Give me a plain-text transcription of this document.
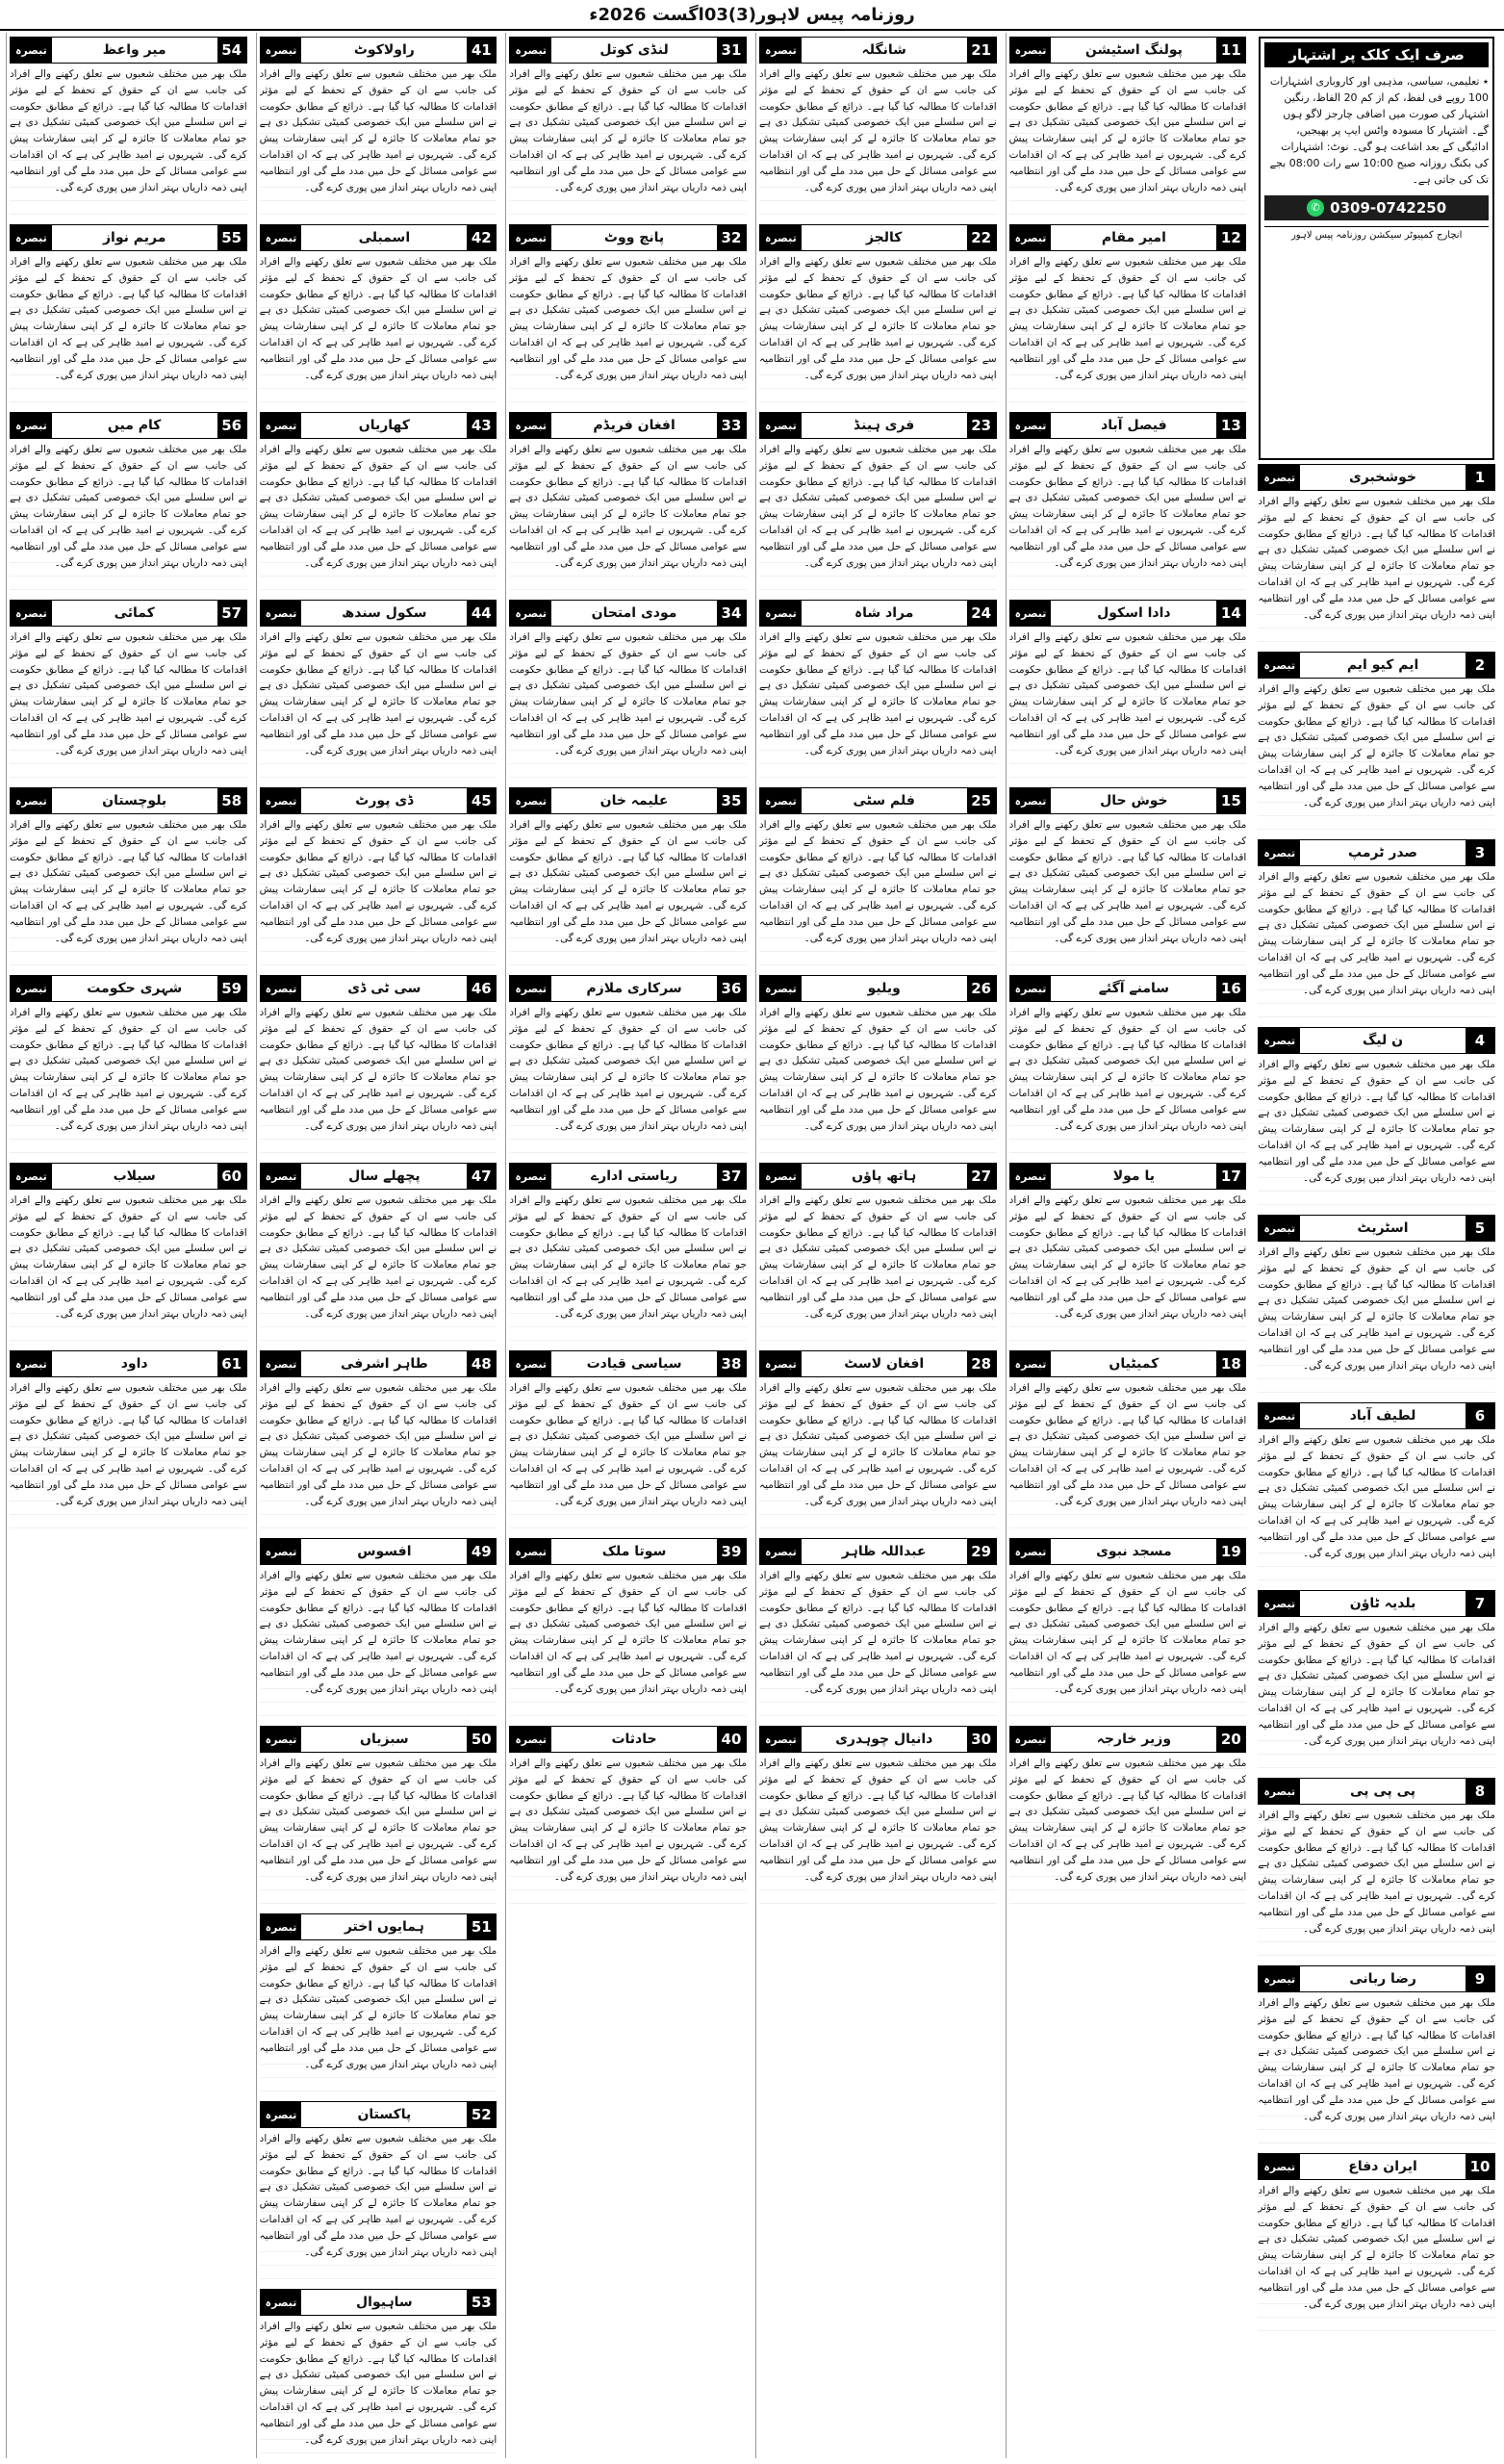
روزنامہ پیس لاہور(3)03اگست 2026ء
صرف ایک کلک پر اشتہار
٭ تعلیمی، سیاسی، مذہبی اور کاروباری اشتہارات 100 روپے فی لفظ، کم از کم 20 الفاظ، رنگین اشتہار کی صورت میں اضافی چارجز لاگو ہوں گے۔ اشتہار کا مسودہ واٹس ایپ پر بھیجیں، ادائیگی کے بعد اشاعت ہو گی۔ نوٹ: اشتہارات کی بکنگ روزانہ صبح 10:00 سے رات 08:00 بجے تک کی جاتی ہے۔
✆ 0309-0742250
انچارج کمپیوٹر سیکشن روزنامہ پیس لاہور
1
خوشخبری
تبصرہ
ملک بھر میں مختلف شعبوں سے تعلق رکھنے والے افراد کی جانب سے ان کے حقوق کے تحفظ کے لیے مؤثر اقدامات کا مطالبہ کیا گیا ہے۔ ذرائع کے مطابق حکومت نے اس سلسلے میں ایک خصوصی کمیٹی تشکیل دی ہے جو تمام معاملات کا جائزہ لے کر اپنی سفارشات پیش کرے گی۔ شہریوں نے امید ظاہر کی ہے کہ ان اقدامات سے عوامی مسائل کے حل میں مدد ملے گی اور انتظامیہ اپنی ذمہ داریاں بہتر انداز میں پوری کرے گی۔
2
ایم کیو ایم
تبصرہ
ملک بھر میں مختلف شعبوں سے تعلق رکھنے والے افراد کی جانب سے ان کے حقوق کے تحفظ کے لیے مؤثر اقدامات کا مطالبہ کیا گیا ہے۔ ذرائع کے مطابق حکومت نے اس سلسلے میں ایک خصوصی کمیٹی تشکیل دی ہے جو تمام معاملات کا جائزہ لے کر اپنی سفارشات پیش کرے گی۔ شہریوں نے امید ظاہر کی ہے کہ ان اقدامات سے عوامی مسائل کے حل میں مدد ملے گی اور انتظامیہ اپنی ذمہ داریاں بہتر انداز میں پوری کرے گی۔
3
صدر ٹرمپ
تبصرہ
ملک بھر میں مختلف شعبوں سے تعلق رکھنے والے افراد کی جانب سے ان کے حقوق کے تحفظ کے لیے مؤثر اقدامات کا مطالبہ کیا گیا ہے۔ ذرائع کے مطابق حکومت نے اس سلسلے میں ایک خصوصی کمیٹی تشکیل دی ہے جو تمام معاملات کا جائزہ لے کر اپنی سفارشات پیش کرے گی۔ شہریوں نے امید ظاہر کی ہے کہ ان اقدامات سے عوامی مسائل کے حل میں مدد ملے گی اور انتظامیہ اپنی ذمہ داریاں بہتر انداز میں پوری کرے گی۔
4
ن لیگ
تبصرہ
ملک بھر میں مختلف شعبوں سے تعلق رکھنے والے افراد کی جانب سے ان کے حقوق کے تحفظ کے لیے مؤثر اقدامات کا مطالبہ کیا گیا ہے۔ ذرائع کے مطابق حکومت نے اس سلسلے میں ایک خصوصی کمیٹی تشکیل دی ہے جو تمام معاملات کا جائزہ لے کر اپنی سفارشات پیش کرے گی۔ شہریوں نے امید ظاہر کی ہے کہ ان اقدامات سے عوامی مسائل کے حل میں مدد ملے گی اور انتظامیہ اپنی ذمہ داریاں بہتر انداز میں پوری کرے گی۔
5
اسٹریٹ
تبصرہ
ملک بھر میں مختلف شعبوں سے تعلق رکھنے والے افراد کی جانب سے ان کے حقوق کے تحفظ کے لیے مؤثر اقدامات کا مطالبہ کیا گیا ہے۔ ذرائع کے مطابق حکومت نے اس سلسلے میں ایک خصوصی کمیٹی تشکیل دی ہے جو تمام معاملات کا جائزہ لے کر اپنی سفارشات پیش کرے گی۔ شہریوں نے امید ظاہر کی ہے کہ ان اقدامات سے عوامی مسائل کے حل میں مدد ملے گی اور انتظامیہ اپنی ذمہ داریاں بہتر انداز میں پوری کرے گی۔
6
لطیف آباد
تبصرہ
ملک بھر میں مختلف شعبوں سے تعلق رکھنے والے افراد کی جانب سے ان کے حقوق کے تحفظ کے لیے مؤثر اقدامات کا مطالبہ کیا گیا ہے۔ ذرائع کے مطابق حکومت نے اس سلسلے میں ایک خصوصی کمیٹی تشکیل دی ہے جو تمام معاملات کا جائزہ لے کر اپنی سفارشات پیش کرے گی۔ شہریوں نے امید ظاہر کی ہے کہ ان اقدامات سے عوامی مسائل کے حل میں مدد ملے گی اور انتظامیہ اپنی ذمہ داریاں بہتر انداز میں پوری کرے گی۔
7
بلدیہ ٹاؤن
تبصرہ
ملک بھر میں مختلف شعبوں سے تعلق رکھنے والے افراد کی جانب سے ان کے حقوق کے تحفظ کے لیے مؤثر اقدامات کا مطالبہ کیا گیا ہے۔ ذرائع کے مطابق حکومت نے اس سلسلے میں ایک خصوصی کمیٹی تشکیل دی ہے جو تمام معاملات کا جائزہ لے کر اپنی سفارشات پیش کرے گی۔ شہریوں نے امید ظاہر کی ہے کہ ان اقدامات سے عوامی مسائل کے حل میں مدد ملے گی اور انتظامیہ اپنی ذمہ داریاں بہتر انداز میں پوری کرے گی۔
8
پی پی پی
تبصرہ
ملک بھر میں مختلف شعبوں سے تعلق رکھنے والے افراد کی جانب سے ان کے حقوق کے تحفظ کے لیے مؤثر اقدامات کا مطالبہ کیا گیا ہے۔ ذرائع کے مطابق حکومت نے اس سلسلے میں ایک خصوصی کمیٹی تشکیل دی ہے جو تمام معاملات کا جائزہ لے کر اپنی سفارشات پیش کرے گی۔ شہریوں نے امید ظاہر کی ہے کہ ان اقدامات سے عوامی مسائل کے حل میں مدد ملے گی اور انتظامیہ اپنی ذمہ داریاں بہتر انداز میں پوری کرے گی۔
9
رضا ربانی
تبصرہ
ملک بھر میں مختلف شعبوں سے تعلق رکھنے والے افراد کی جانب سے ان کے حقوق کے تحفظ کے لیے مؤثر اقدامات کا مطالبہ کیا گیا ہے۔ ذرائع کے مطابق حکومت نے اس سلسلے میں ایک خصوصی کمیٹی تشکیل دی ہے جو تمام معاملات کا جائزہ لے کر اپنی سفارشات پیش کرے گی۔ شہریوں نے امید ظاہر کی ہے کہ ان اقدامات سے عوامی مسائل کے حل میں مدد ملے گی اور انتظامیہ اپنی ذمہ داریاں بہتر انداز میں پوری کرے گی۔
10
ایران دفاع
تبصرہ
ملک بھر میں مختلف شعبوں سے تعلق رکھنے والے افراد کی جانب سے ان کے حقوق کے تحفظ کے لیے مؤثر اقدامات کا مطالبہ کیا گیا ہے۔ ذرائع کے مطابق حکومت نے اس سلسلے میں ایک خصوصی کمیٹی تشکیل دی ہے جو تمام معاملات کا جائزہ لے کر اپنی سفارشات پیش کرے گی۔ شہریوں نے امید ظاہر کی ہے کہ ان اقدامات سے عوامی مسائل کے حل میں مدد ملے گی اور انتظامیہ اپنی ذمہ داریاں بہتر انداز میں پوری کرے گی۔
11
پولنگ اسٹیشن
تبصرہ
ملک بھر میں مختلف شعبوں سے تعلق رکھنے والے افراد کی جانب سے ان کے حقوق کے تحفظ کے لیے مؤثر اقدامات کا مطالبہ کیا گیا ہے۔ ذرائع کے مطابق حکومت نے اس سلسلے میں ایک خصوصی کمیٹی تشکیل دی ہے جو تمام معاملات کا جائزہ لے کر اپنی سفارشات پیش کرے گی۔ شہریوں نے امید ظاہر کی ہے کہ ان اقدامات سے عوامی مسائل کے حل میں مدد ملے گی اور انتظامیہ اپنی ذمہ داریاں بہتر انداز میں پوری کرے گی۔
12
امیر مقام
تبصرہ
ملک بھر میں مختلف شعبوں سے تعلق رکھنے والے افراد کی جانب سے ان کے حقوق کے تحفظ کے لیے مؤثر اقدامات کا مطالبہ کیا گیا ہے۔ ذرائع کے مطابق حکومت نے اس سلسلے میں ایک خصوصی کمیٹی تشکیل دی ہے جو تمام معاملات کا جائزہ لے کر اپنی سفارشات پیش کرے گی۔ شہریوں نے امید ظاہر کی ہے کہ ان اقدامات سے عوامی مسائل کے حل میں مدد ملے گی اور انتظامیہ اپنی ذمہ داریاں بہتر انداز میں پوری کرے گی۔
13
فیصل آباد
تبصرہ
ملک بھر میں مختلف شعبوں سے تعلق رکھنے والے افراد کی جانب سے ان کے حقوق کے تحفظ کے لیے مؤثر اقدامات کا مطالبہ کیا گیا ہے۔ ذرائع کے مطابق حکومت نے اس سلسلے میں ایک خصوصی کمیٹی تشکیل دی ہے جو تمام معاملات کا جائزہ لے کر اپنی سفارشات پیش کرے گی۔ شہریوں نے امید ظاہر کی ہے کہ ان اقدامات سے عوامی مسائل کے حل میں مدد ملے گی اور انتظامیہ اپنی ذمہ داریاں بہتر انداز میں پوری کرے گی۔
14
دادا اسکول
تبصرہ
ملک بھر میں مختلف شعبوں سے تعلق رکھنے والے افراد کی جانب سے ان کے حقوق کے تحفظ کے لیے مؤثر اقدامات کا مطالبہ کیا گیا ہے۔ ذرائع کے مطابق حکومت نے اس سلسلے میں ایک خصوصی کمیٹی تشکیل دی ہے جو تمام معاملات کا جائزہ لے کر اپنی سفارشات پیش کرے گی۔ شہریوں نے امید ظاہر کی ہے کہ ان اقدامات سے عوامی مسائل کے حل میں مدد ملے گی اور انتظامیہ اپنی ذمہ داریاں بہتر انداز میں پوری کرے گی۔
15
خوش حال
تبصرہ
ملک بھر میں مختلف شعبوں سے تعلق رکھنے والے افراد کی جانب سے ان کے حقوق کے تحفظ کے لیے مؤثر اقدامات کا مطالبہ کیا گیا ہے۔ ذرائع کے مطابق حکومت نے اس سلسلے میں ایک خصوصی کمیٹی تشکیل دی ہے جو تمام معاملات کا جائزہ لے کر اپنی سفارشات پیش کرے گی۔ شہریوں نے امید ظاہر کی ہے کہ ان اقدامات سے عوامی مسائل کے حل میں مدد ملے گی اور انتظامیہ اپنی ذمہ داریاں بہتر انداز میں پوری کرے گی۔
16
سامنے آگئے
تبصرہ
ملک بھر میں مختلف شعبوں سے تعلق رکھنے والے افراد کی جانب سے ان کے حقوق کے تحفظ کے لیے مؤثر اقدامات کا مطالبہ کیا گیا ہے۔ ذرائع کے مطابق حکومت نے اس سلسلے میں ایک خصوصی کمیٹی تشکیل دی ہے جو تمام معاملات کا جائزہ لے کر اپنی سفارشات پیش کرے گی۔ شہریوں نے امید ظاہر کی ہے کہ ان اقدامات سے عوامی مسائل کے حل میں مدد ملے گی اور انتظامیہ اپنی ذمہ داریاں بہتر انداز میں پوری کرے گی۔
17
یا مولا
تبصرہ
ملک بھر میں مختلف شعبوں سے تعلق رکھنے والے افراد کی جانب سے ان کے حقوق کے تحفظ کے لیے مؤثر اقدامات کا مطالبہ کیا گیا ہے۔ ذرائع کے مطابق حکومت نے اس سلسلے میں ایک خصوصی کمیٹی تشکیل دی ہے جو تمام معاملات کا جائزہ لے کر اپنی سفارشات پیش کرے گی۔ شہریوں نے امید ظاہر کی ہے کہ ان اقدامات سے عوامی مسائل کے حل میں مدد ملے گی اور انتظامیہ اپنی ذمہ داریاں بہتر انداز میں پوری کرے گی۔
18
کمیٹیاں
تبصرہ
ملک بھر میں مختلف شعبوں سے تعلق رکھنے والے افراد کی جانب سے ان کے حقوق کے تحفظ کے لیے مؤثر اقدامات کا مطالبہ کیا گیا ہے۔ ذرائع کے مطابق حکومت نے اس سلسلے میں ایک خصوصی کمیٹی تشکیل دی ہے جو تمام معاملات کا جائزہ لے کر اپنی سفارشات پیش کرے گی۔ شہریوں نے امید ظاہر کی ہے کہ ان اقدامات سے عوامی مسائل کے حل میں مدد ملے گی اور انتظامیہ اپنی ذمہ داریاں بہتر انداز میں پوری کرے گی۔
19
مسجد نبوی
تبصرہ
ملک بھر میں مختلف شعبوں سے تعلق رکھنے والے افراد کی جانب سے ان کے حقوق کے تحفظ کے لیے مؤثر اقدامات کا مطالبہ کیا گیا ہے۔ ذرائع کے مطابق حکومت نے اس سلسلے میں ایک خصوصی کمیٹی تشکیل دی ہے جو تمام معاملات کا جائزہ لے کر اپنی سفارشات پیش کرے گی۔ شہریوں نے امید ظاہر کی ہے کہ ان اقدامات سے عوامی مسائل کے حل میں مدد ملے گی اور انتظامیہ اپنی ذمہ داریاں بہتر انداز میں پوری کرے گی۔
20
وزیر خارجہ
تبصرہ
ملک بھر میں مختلف شعبوں سے تعلق رکھنے والے افراد کی جانب سے ان کے حقوق کے تحفظ کے لیے مؤثر اقدامات کا مطالبہ کیا گیا ہے۔ ذرائع کے مطابق حکومت نے اس سلسلے میں ایک خصوصی کمیٹی تشکیل دی ہے جو تمام معاملات کا جائزہ لے کر اپنی سفارشات پیش کرے گی۔ شہریوں نے امید ظاہر کی ہے کہ ان اقدامات سے عوامی مسائل کے حل میں مدد ملے گی اور انتظامیہ اپنی ذمہ داریاں بہتر انداز میں پوری کرے گی۔
21
شانگلہ
تبصرہ
ملک بھر میں مختلف شعبوں سے تعلق رکھنے والے افراد کی جانب سے ان کے حقوق کے تحفظ کے لیے مؤثر اقدامات کا مطالبہ کیا گیا ہے۔ ذرائع کے مطابق حکومت نے اس سلسلے میں ایک خصوصی کمیٹی تشکیل دی ہے جو تمام معاملات کا جائزہ لے کر اپنی سفارشات پیش کرے گی۔ شہریوں نے امید ظاہر کی ہے کہ ان اقدامات سے عوامی مسائل کے حل میں مدد ملے گی اور انتظامیہ اپنی ذمہ داریاں بہتر انداز میں پوری کرے گی۔
22
کالجز
تبصرہ
ملک بھر میں مختلف شعبوں سے تعلق رکھنے والے افراد کی جانب سے ان کے حقوق کے تحفظ کے لیے مؤثر اقدامات کا مطالبہ کیا گیا ہے۔ ذرائع کے مطابق حکومت نے اس سلسلے میں ایک خصوصی کمیٹی تشکیل دی ہے جو تمام معاملات کا جائزہ لے کر اپنی سفارشات پیش کرے گی۔ شہریوں نے امید ظاہر کی ہے کہ ان اقدامات سے عوامی مسائل کے حل میں مدد ملے گی اور انتظامیہ اپنی ذمہ داریاں بہتر انداز میں پوری کرے گی۔
23
فری ہینڈ
تبصرہ
ملک بھر میں مختلف شعبوں سے تعلق رکھنے والے افراد کی جانب سے ان کے حقوق کے تحفظ کے لیے مؤثر اقدامات کا مطالبہ کیا گیا ہے۔ ذرائع کے مطابق حکومت نے اس سلسلے میں ایک خصوصی کمیٹی تشکیل دی ہے جو تمام معاملات کا جائزہ لے کر اپنی سفارشات پیش کرے گی۔ شہریوں نے امید ظاہر کی ہے کہ ان اقدامات سے عوامی مسائل کے حل میں مدد ملے گی اور انتظامیہ اپنی ذمہ داریاں بہتر انداز میں پوری کرے گی۔
24
مراد شاہ
تبصرہ
ملک بھر میں مختلف شعبوں سے تعلق رکھنے والے افراد کی جانب سے ان کے حقوق کے تحفظ کے لیے مؤثر اقدامات کا مطالبہ کیا گیا ہے۔ ذرائع کے مطابق حکومت نے اس سلسلے میں ایک خصوصی کمیٹی تشکیل دی ہے جو تمام معاملات کا جائزہ لے کر اپنی سفارشات پیش کرے گی۔ شہریوں نے امید ظاہر کی ہے کہ ان اقدامات سے عوامی مسائل کے حل میں مدد ملے گی اور انتظامیہ اپنی ذمہ داریاں بہتر انداز میں پوری کرے گی۔
25
فلم سٹی
تبصرہ
ملک بھر میں مختلف شعبوں سے تعلق رکھنے والے افراد کی جانب سے ان کے حقوق کے تحفظ کے لیے مؤثر اقدامات کا مطالبہ کیا گیا ہے۔ ذرائع کے مطابق حکومت نے اس سلسلے میں ایک خصوصی کمیٹی تشکیل دی ہے جو تمام معاملات کا جائزہ لے کر اپنی سفارشات پیش کرے گی۔ شہریوں نے امید ظاہر کی ہے کہ ان اقدامات سے عوامی مسائل کے حل میں مدد ملے گی اور انتظامیہ اپنی ذمہ داریاں بہتر انداز میں پوری کرے گی۔
26
ویلیو
تبصرہ
ملک بھر میں مختلف شعبوں سے تعلق رکھنے والے افراد کی جانب سے ان کے حقوق کے تحفظ کے لیے مؤثر اقدامات کا مطالبہ کیا گیا ہے۔ ذرائع کے مطابق حکومت نے اس سلسلے میں ایک خصوصی کمیٹی تشکیل دی ہے جو تمام معاملات کا جائزہ لے کر اپنی سفارشات پیش کرے گی۔ شہریوں نے امید ظاہر کی ہے کہ ان اقدامات سے عوامی مسائل کے حل میں مدد ملے گی اور انتظامیہ اپنی ذمہ داریاں بہتر انداز میں پوری کرے گی۔
27
ہاتھ پاؤں
تبصرہ
ملک بھر میں مختلف شعبوں سے تعلق رکھنے والے افراد کی جانب سے ان کے حقوق کے تحفظ کے لیے مؤثر اقدامات کا مطالبہ کیا گیا ہے۔ ذرائع کے مطابق حکومت نے اس سلسلے میں ایک خصوصی کمیٹی تشکیل دی ہے جو تمام معاملات کا جائزہ لے کر اپنی سفارشات پیش کرے گی۔ شہریوں نے امید ظاہر کی ہے کہ ان اقدامات سے عوامی مسائل کے حل میں مدد ملے گی اور انتظامیہ اپنی ذمہ داریاں بہتر انداز میں پوری کرے گی۔
28
افغان لاسٹ
تبصرہ
ملک بھر میں مختلف شعبوں سے تعلق رکھنے والے افراد کی جانب سے ان کے حقوق کے تحفظ کے لیے مؤثر اقدامات کا مطالبہ کیا گیا ہے۔ ذرائع کے مطابق حکومت نے اس سلسلے میں ایک خصوصی کمیٹی تشکیل دی ہے جو تمام معاملات کا جائزہ لے کر اپنی سفارشات پیش کرے گی۔ شہریوں نے امید ظاہر کی ہے کہ ان اقدامات سے عوامی مسائل کے حل میں مدد ملے گی اور انتظامیہ اپنی ذمہ داریاں بہتر انداز میں پوری کرے گی۔
29
عبداللہ ظاہر
تبصرہ
ملک بھر میں مختلف شعبوں سے تعلق رکھنے والے افراد کی جانب سے ان کے حقوق کے تحفظ کے لیے مؤثر اقدامات کا مطالبہ کیا گیا ہے۔ ذرائع کے مطابق حکومت نے اس سلسلے میں ایک خصوصی کمیٹی تشکیل دی ہے جو تمام معاملات کا جائزہ لے کر اپنی سفارشات پیش کرے گی۔ شہریوں نے امید ظاہر کی ہے کہ ان اقدامات سے عوامی مسائل کے حل میں مدد ملے گی اور انتظامیہ اپنی ذمہ داریاں بہتر انداز میں پوری کرے گی۔
30
دانیال چوہدری
تبصرہ
ملک بھر میں مختلف شعبوں سے تعلق رکھنے والے افراد کی جانب سے ان کے حقوق کے تحفظ کے لیے مؤثر اقدامات کا مطالبہ کیا گیا ہے۔ ذرائع کے مطابق حکومت نے اس سلسلے میں ایک خصوصی کمیٹی تشکیل دی ہے جو تمام معاملات کا جائزہ لے کر اپنی سفارشات پیش کرے گی۔ شہریوں نے امید ظاہر کی ہے کہ ان اقدامات سے عوامی مسائل کے حل میں مدد ملے گی اور انتظامیہ اپنی ذمہ داریاں بہتر انداز میں پوری کرے گی۔
31
لنڈی کوتل
تبصرہ
ملک بھر میں مختلف شعبوں سے تعلق رکھنے والے افراد کی جانب سے ان کے حقوق کے تحفظ کے لیے مؤثر اقدامات کا مطالبہ کیا گیا ہے۔ ذرائع کے مطابق حکومت نے اس سلسلے میں ایک خصوصی کمیٹی تشکیل دی ہے جو تمام معاملات کا جائزہ لے کر اپنی سفارشات پیش کرے گی۔ شہریوں نے امید ظاہر کی ہے کہ ان اقدامات سے عوامی مسائل کے حل میں مدد ملے گی اور انتظامیہ اپنی ذمہ داریاں بہتر انداز میں پوری کرے گی۔
32
پانچ ووٹ
تبصرہ
ملک بھر میں مختلف شعبوں سے تعلق رکھنے والے افراد کی جانب سے ان کے حقوق کے تحفظ کے لیے مؤثر اقدامات کا مطالبہ کیا گیا ہے۔ ذرائع کے مطابق حکومت نے اس سلسلے میں ایک خصوصی کمیٹی تشکیل دی ہے جو تمام معاملات کا جائزہ لے کر اپنی سفارشات پیش کرے گی۔ شہریوں نے امید ظاہر کی ہے کہ ان اقدامات سے عوامی مسائل کے حل میں مدد ملے گی اور انتظامیہ اپنی ذمہ داریاں بہتر انداز میں پوری کرے گی۔
33
افغان فریڈم
تبصرہ
ملک بھر میں مختلف شعبوں سے تعلق رکھنے والے افراد کی جانب سے ان کے حقوق کے تحفظ کے لیے مؤثر اقدامات کا مطالبہ کیا گیا ہے۔ ذرائع کے مطابق حکومت نے اس سلسلے میں ایک خصوصی کمیٹی تشکیل دی ہے جو تمام معاملات کا جائزہ لے کر اپنی سفارشات پیش کرے گی۔ شہریوں نے امید ظاہر کی ہے کہ ان اقدامات سے عوامی مسائل کے حل میں مدد ملے گی اور انتظامیہ اپنی ذمہ داریاں بہتر انداز میں پوری کرے گی۔
34
مودی امتحان
تبصرہ
ملک بھر میں مختلف شعبوں سے تعلق رکھنے والے افراد کی جانب سے ان کے حقوق کے تحفظ کے لیے مؤثر اقدامات کا مطالبہ کیا گیا ہے۔ ذرائع کے مطابق حکومت نے اس سلسلے میں ایک خصوصی کمیٹی تشکیل دی ہے جو تمام معاملات کا جائزہ لے کر اپنی سفارشات پیش کرے گی۔ شہریوں نے امید ظاہر کی ہے کہ ان اقدامات سے عوامی مسائل کے حل میں مدد ملے گی اور انتظامیہ اپنی ذمہ داریاں بہتر انداز میں پوری کرے گی۔
35
علیمہ خان
تبصرہ
ملک بھر میں مختلف شعبوں سے تعلق رکھنے والے افراد کی جانب سے ان کے حقوق کے تحفظ کے لیے مؤثر اقدامات کا مطالبہ کیا گیا ہے۔ ذرائع کے مطابق حکومت نے اس سلسلے میں ایک خصوصی کمیٹی تشکیل دی ہے جو تمام معاملات کا جائزہ لے کر اپنی سفارشات پیش کرے گی۔ شہریوں نے امید ظاہر کی ہے کہ ان اقدامات سے عوامی مسائل کے حل میں مدد ملے گی اور انتظامیہ اپنی ذمہ داریاں بہتر انداز میں پوری کرے گی۔
36
سرکاری ملازم
تبصرہ
ملک بھر میں مختلف شعبوں سے تعلق رکھنے والے افراد کی جانب سے ان کے حقوق کے تحفظ کے لیے مؤثر اقدامات کا مطالبہ کیا گیا ہے۔ ذرائع کے مطابق حکومت نے اس سلسلے میں ایک خصوصی کمیٹی تشکیل دی ہے جو تمام معاملات کا جائزہ لے کر اپنی سفارشات پیش کرے گی۔ شہریوں نے امید ظاہر کی ہے کہ ان اقدامات سے عوامی مسائل کے حل میں مدد ملے گی اور انتظامیہ اپنی ذمہ داریاں بہتر انداز میں پوری کرے گی۔
37
ریاستی ادارے
تبصرہ
ملک بھر میں مختلف شعبوں سے تعلق رکھنے والے افراد کی جانب سے ان کے حقوق کے تحفظ کے لیے مؤثر اقدامات کا مطالبہ کیا گیا ہے۔ ذرائع کے مطابق حکومت نے اس سلسلے میں ایک خصوصی کمیٹی تشکیل دی ہے جو تمام معاملات کا جائزہ لے کر اپنی سفارشات پیش کرے گی۔ شہریوں نے امید ظاہر کی ہے کہ ان اقدامات سے عوامی مسائل کے حل میں مدد ملے گی اور انتظامیہ اپنی ذمہ داریاں بہتر انداز میں پوری کرے گی۔
38
سیاسی قیادت
تبصرہ
ملک بھر میں مختلف شعبوں سے تعلق رکھنے والے افراد کی جانب سے ان کے حقوق کے تحفظ کے لیے مؤثر اقدامات کا مطالبہ کیا گیا ہے۔ ذرائع کے مطابق حکومت نے اس سلسلے میں ایک خصوصی کمیٹی تشکیل دی ہے جو تمام معاملات کا جائزہ لے کر اپنی سفارشات پیش کرے گی۔ شہریوں نے امید ظاہر کی ہے کہ ان اقدامات سے عوامی مسائل کے حل میں مدد ملے گی اور انتظامیہ اپنی ذمہ داریاں بہتر انداز میں پوری کرے گی۔
39
سوتا ملک
تبصرہ
ملک بھر میں مختلف شعبوں سے تعلق رکھنے والے افراد کی جانب سے ان کے حقوق کے تحفظ کے لیے مؤثر اقدامات کا مطالبہ کیا گیا ہے۔ ذرائع کے مطابق حکومت نے اس سلسلے میں ایک خصوصی کمیٹی تشکیل دی ہے جو تمام معاملات کا جائزہ لے کر اپنی سفارشات پیش کرے گی۔ شہریوں نے امید ظاہر کی ہے کہ ان اقدامات سے عوامی مسائل کے حل میں مدد ملے گی اور انتظامیہ اپنی ذمہ داریاں بہتر انداز میں پوری کرے گی۔
40
حادثات
تبصرہ
ملک بھر میں مختلف شعبوں سے تعلق رکھنے والے افراد کی جانب سے ان کے حقوق کے تحفظ کے لیے مؤثر اقدامات کا مطالبہ کیا گیا ہے۔ ذرائع کے مطابق حکومت نے اس سلسلے میں ایک خصوصی کمیٹی تشکیل دی ہے جو تمام معاملات کا جائزہ لے کر اپنی سفارشات پیش کرے گی۔ شہریوں نے امید ظاہر کی ہے کہ ان اقدامات سے عوامی مسائل کے حل میں مدد ملے گی اور انتظامیہ اپنی ذمہ داریاں بہتر انداز میں پوری کرے گی۔
41
راولاکوٹ
تبصرہ
ملک بھر میں مختلف شعبوں سے تعلق رکھنے والے افراد کی جانب سے ان کے حقوق کے تحفظ کے لیے مؤثر اقدامات کا مطالبہ کیا گیا ہے۔ ذرائع کے مطابق حکومت نے اس سلسلے میں ایک خصوصی کمیٹی تشکیل دی ہے جو تمام معاملات کا جائزہ لے کر اپنی سفارشات پیش کرے گی۔ شہریوں نے امید ظاہر کی ہے کہ ان اقدامات سے عوامی مسائل کے حل میں مدد ملے گی اور انتظامیہ اپنی ذمہ داریاں بہتر انداز میں پوری کرے گی۔
42
اسمبلی
تبصرہ
ملک بھر میں مختلف شعبوں سے تعلق رکھنے والے افراد کی جانب سے ان کے حقوق کے تحفظ کے لیے مؤثر اقدامات کا مطالبہ کیا گیا ہے۔ ذرائع کے مطابق حکومت نے اس سلسلے میں ایک خصوصی کمیٹی تشکیل دی ہے جو تمام معاملات کا جائزہ لے کر اپنی سفارشات پیش کرے گی۔ شہریوں نے امید ظاہر کی ہے کہ ان اقدامات سے عوامی مسائل کے حل میں مدد ملے گی اور انتظامیہ اپنی ذمہ داریاں بہتر انداز میں پوری کرے گی۔
43
کھاریاں
تبصرہ
ملک بھر میں مختلف شعبوں سے تعلق رکھنے والے افراد کی جانب سے ان کے حقوق کے تحفظ کے لیے مؤثر اقدامات کا مطالبہ کیا گیا ہے۔ ذرائع کے مطابق حکومت نے اس سلسلے میں ایک خصوصی کمیٹی تشکیل دی ہے جو تمام معاملات کا جائزہ لے کر اپنی سفارشات پیش کرے گی۔ شہریوں نے امید ظاہر کی ہے کہ ان اقدامات سے عوامی مسائل کے حل میں مدد ملے گی اور انتظامیہ اپنی ذمہ داریاں بہتر انداز میں پوری کرے گی۔
44
سکول سندھ
تبصرہ
ملک بھر میں مختلف شعبوں سے تعلق رکھنے والے افراد کی جانب سے ان کے حقوق کے تحفظ کے لیے مؤثر اقدامات کا مطالبہ کیا گیا ہے۔ ذرائع کے مطابق حکومت نے اس سلسلے میں ایک خصوصی کمیٹی تشکیل دی ہے جو تمام معاملات کا جائزہ لے کر اپنی سفارشات پیش کرے گی۔ شہریوں نے امید ظاہر کی ہے کہ ان اقدامات سے عوامی مسائل کے حل میں مدد ملے گی اور انتظامیہ اپنی ذمہ داریاں بہتر انداز میں پوری کرے گی۔
45
ڈی پورٹ
تبصرہ
ملک بھر میں مختلف شعبوں سے تعلق رکھنے والے افراد کی جانب سے ان کے حقوق کے تحفظ کے لیے مؤثر اقدامات کا مطالبہ کیا گیا ہے۔ ذرائع کے مطابق حکومت نے اس سلسلے میں ایک خصوصی کمیٹی تشکیل دی ہے جو تمام معاملات کا جائزہ لے کر اپنی سفارشات پیش کرے گی۔ شہریوں نے امید ظاہر کی ہے کہ ان اقدامات سے عوامی مسائل کے حل میں مدد ملے گی اور انتظامیہ اپنی ذمہ داریاں بہتر انداز میں پوری کرے گی۔
46
سی ٹی ڈی
تبصرہ
ملک بھر میں مختلف شعبوں سے تعلق رکھنے والے افراد کی جانب سے ان کے حقوق کے تحفظ کے لیے مؤثر اقدامات کا مطالبہ کیا گیا ہے۔ ذرائع کے مطابق حکومت نے اس سلسلے میں ایک خصوصی کمیٹی تشکیل دی ہے جو تمام معاملات کا جائزہ لے کر اپنی سفارشات پیش کرے گی۔ شہریوں نے امید ظاہر کی ہے کہ ان اقدامات سے عوامی مسائل کے حل میں مدد ملے گی اور انتظامیہ اپنی ذمہ داریاں بہتر انداز میں پوری کرے گی۔
47
پچھلے سال
تبصرہ
ملک بھر میں مختلف شعبوں سے تعلق رکھنے والے افراد کی جانب سے ان کے حقوق کے تحفظ کے لیے مؤثر اقدامات کا مطالبہ کیا گیا ہے۔ ذرائع کے مطابق حکومت نے اس سلسلے میں ایک خصوصی کمیٹی تشکیل دی ہے جو تمام معاملات کا جائزہ لے کر اپنی سفارشات پیش کرے گی۔ شہریوں نے امید ظاہر کی ہے کہ ان اقدامات سے عوامی مسائل کے حل میں مدد ملے گی اور انتظامیہ اپنی ذمہ داریاں بہتر انداز میں پوری کرے گی۔
48
طاہر اشرفی
تبصرہ
ملک بھر میں مختلف شعبوں سے تعلق رکھنے والے افراد کی جانب سے ان کے حقوق کے تحفظ کے لیے مؤثر اقدامات کا مطالبہ کیا گیا ہے۔ ذرائع کے مطابق حکومت نے اس سلسلے میں ایک خصوصی کمیٹی تشکیل دی ہے جو تمام معاملات کا جائزہ لے کر اپنی سفارشات پیش کرے گی۔ شہریوں نے امید ظاہر کی ہے کہ ان اقدامات سے عوامی مسائل کے حل میں مدد ملے گی اور انتظامیہ اپنی ذمہ داریاں بہتر انداز میں پوری کرے گی۔
49
افسوس
تبصرہ
ملک بھر میں مختلف شعبوں سے تعلق رکھنے والے افراد کی جانب سے ان کے حقوق کے تحفظ کے لیے مؤثر اقدامات کا مطالبہ کیا گیا ہے۔ ذرائع کے مطابق حکومت نے اس سلسلے میں ایک خصوصی کمیٹی تشکیل دی ہے جو تمام معاملات کا جائزہ لے کر اپنی سفارشات پیش کرے گی۔ شہریوں نے امید ظاہر کی ہے کہ ان اقدامات سے عوامی مسائل کے حل میں مدد ملے گی اور انتظامیہ اپنی ذمہ داریاں بہتر انداز میں پوری کرے گی۔
50
سبزیاں
تبصرہ
ملک بھر میں مختلف شعبوں سے تعلق رکھنے والے افراد کی جانب سے ان کے حقوق کے تحفظ کے لیے مؤثر اقدامات کا مطالبہ کیا گیا ہے۔ ذرائع کے مطابق حکومت نے اس سلسلے میں ایک خصوصی کمیٹی تشکیل دی ہے جو تمام معاملات کا جائزہ لے کر اپنی سفارشات پیش کرے گی۔ شہریوں نے امید ظاہر کی ہے کہ ان اقدامات سے عوامی مسائل کے حل میں مدد ملے گی اور انتظامیہ اپنی ذمہ داریاں بہتر انداز میں پوری کرے گی۔
51
ہمایوں اختر
تبصرہ
ملک بھر میں مختلف شعبوں سے تعلق رکھنے والے افراد کی جانب سے ان کے حقوق کے تحفظ کے لیے مؤثر اقدامات کا مطالبہ کیا گیا ہے۔ ذرائع کے مطابق حکومت نے اس سلسلے میں ایک خصوصی کمیٹی تشکیل دی ہے جو تمام معاملات کا جائزہ لے کر اپنی سفارشات پیش کرے گی۔ شہریوں نے امید ظاہر کی ہے کہ ان اقدامات سے عوامی مسائل کے حل میں مدد ملے گی اور انتظامیہ اپنی ذمہ داریاں بہتر انداز میں پوری کرے گی۔
52
پاکستان
تبصرہ
ملک بھر میں مختلف شعبوں سے تعلق رکھنے والے افراد کی جانب سے ان کے حقوق کے تحفظ کے لیے مؤثر اقدامات کا مطالبہ کیا گیا ہے۔ ذرائع کے مطابق حکومت نے اس سلسلے میں ایک خصوصی کمیٹی تشکیل دی ہے جو تمام معاملات کا جائزہ لے کر اپنی سفارشات پیش کرے گی۔ شہریوں نے امید ظاہر کی ہے کہ ان اقدامات سے عوامی مسائل کے حل میں مدد ملے گی اور انتظامیہ اپنی ذمہ داریاں بہتر انداز میں پوری کرے گی۔
53
ساہیوال
تبصرہ
ملک بھر میں مختلف شعبوں سے تعلق رکھنے والے افراد کی جانب سے ان کے حقوق کے تحفظ کے لیے مؤثر اقدامات کا مطالبہ کیا گیا ہے۔ ذرائع کے مطابق حکومت نے اس سلسلے میں ایک خصوصی کمیٹی تشکیل دی ہے جو تمام معاملات کا جائزہ لے کر اپنی سفارشات پیش کرے گی۔ شہریوں نے امید ظاہر کی ہے کہ ان اقدامات سے عوامی مسائل کے حل میں مدد ملے گی اور انتظامیہ اپنی ذمہ داریاں بہتر انداز میں پوری کرے گی۔
54
میر واعظ
تبصرہ
ملک بھر میں مختلف شعبوں سے تعلق رکھنے والے افراد کی جانب سے ان کے حقوق کے تحفظ کے لیے مؤثر اقدامات کا مطالبہ کیا گیا ہے۔ ذرائع کے مطابق حکومت نے اس سلسلے میں ایک خصوصی کمیٹی تشکیل دی ہے جو تمام معاملات کا جائزہ لے کر اپنی سفارشات پیش کرے گی۔ شہریوں نے امید ظاہر کی ہے کہ ان اقدامات سے عوامی مسائل کے حل میں مدد ملے گی اور انتظامیہ اپنی ذمہ داریاں بہتر انداز میں پوری کرے گی۔
55
مریم نواز
تبصرہ
ملک بھر میں مختلف شعبوں سے تعلق رکھنے والے افراد کی جانب سے ان کے حقوق کے تحفظ کے لیے مؤثر اقدامات کا مطالبہ کیا گیا ہے۔ ذرائع کے مطابق حکومت نے اس سلسلے میں ایک خصوصی کمیٹی تشکیل دی ہے جو تمام معاملات کا جائزہ لے کر اپنی سفارشات پیش کرے گی۔ شہریوں نے امید ظاہر کی ہے کہ ان اقدامات سے عوامی مسائل کے حل میں مدد ملے گی اور انتظامیہ اپنی ذمہ داریاں بہتر انداز میں پوری کرے گی۔
56
کام میں
تبصرہ
ملک بھر میں مختلف شعبوں سے تعلق رکھنے والے افراد کی جانب سے ان کے حقوق کے تحفظ کے لیے مؤثر اقدامات کا مطالبہ کیا گیا ہے۔ ذرائع کے مطابق حکومت نے اس سلسلے میں ایک خصوصی کمیٹی تشکیل دی ہے جو تمام معاملات کا جائزہ لے کر اپنی سفارشات پیش کرے گی۔ شہریوں نے امید ظاہر کی ہے کہ ان اقدامات سے عوامی مسائل کے حل میں مدد ملے گی اور انتظامیہ اپنی ذمہ داریاں بہتر انداز میں پوری کرے گی۔
57
کمائی
تبصرہ
ملک بھر میں مختلف شعبوں سے تعلق رکھنے والے افراد کی جانب سے ان کے حقوق کے تحفظ کے لیے مؤثر اقدامات کا مطالبہ کیا گیا ہے۔ ذرائع کے مطابق حکومت نے اس سلسلے میں ایک خصوصی کمیٹی تشکیل دی ہے جو تمام معاملات کا جائزہ لے کر اپنی سفارشات پیش کرے گی۔ شہریوں نے امید ظاہر کی ہے کہ ان اقدامات سے عوامی مسائل کے حل میں مدد ملے گی اور انتظامیہ اپنی ذمہ داریاں بہتر انداز میں پوری کرے گی۔
58
بلوچستان
تبصرہ
ملک بھر میں مختلف شعبوں سے تعلق رکھنے والے افراد کی جانب سے ان کے حقوق کے تحفظ کے لیے مؤثر اقدامات کا مطالبہ کیا گیا ہے۔ ذرائع کے مطابق حکومت نے اس سلسلے میں ایک خصوصی کمیٹی تشکیل دی ہے جو تمام معاملات کا جائزہ لے کر اپنی سفارشات پیش کرے گی۔ شہریوں نے امید ظاہر کی ہے کہ ان اقدامات سے عوامی مسائل کے حل میں مدد ملے گی اور انتظامیہ اپنی ذمہ داریاں بہتر انداز میں پوری کرے گی۔
59
شہری حکومت
تبصرہ
ملک بھر میں مختلف شعبوں سے تعلق رکھنے والے افراد کی جانب سے ان کے حقوق کے تحفظ کے لیے مؤثر اقدامات کا مطالبہ کیا گیا ہے۔ ذرائع کے مطابق حکومت نے اس سلسلے میں ایک خصوصی کمیٹی تشکیل دی ہے جو تمام معاملات کا جائزہ لے کر اپنی سفارشات پیش کرے گی۔ شہریوں نے امید ظاہر کی ہے کہ ان اقدامات سے عوامی مسائل کے حل میں مدد ملے گی اور انتظامیہ اپنی ذمہ داریاں بہتر انداز میں پوری کرے گی۔
60
سیلاب
تبصرہ
ملک بھر میں مختلف شعبوں سے تعلق رکھنے والے افراد کی جانب سے ان کے حقوق کے تحفظ کے لیے مؤثر اقدامات کا مطالبہ کیا گیا ہے۔ ذرائع کے مطابق حکومت نے اس سلسلے میں ایک خصوصی کمیٹی تشکیل دی ہے جو تمام معاملات کا جائزہ لے کر اپنی سفارشات پیش کرے گی۔ شہریوں نے امید ظاہر کی ہے کہ ان اقدامات سے عوامی مسائل کے حل میں مدد ملے گی اور انتظامیہ اپنی ذمہ داریاں بہتر انداز میں پوری کرے گی۔
61
داود
تبصرہ
ملک بھر میں مختلف شعبوں سے تعلق رکھنے والے افراد کی جانب سے ان کے حقوق کے تحفظ کے لیے مؤثر اقدامات کا مطالبہ کیا گیا ہے۔ ذرائع کے مطابق حکومت نے اس سلسلے میں ایک خصوصی کمیٹی تشکیل دی ہے جو تمام معاملات کا جائزہ لے کر اپنی سفارشات پیش کرے گی۔ شہریوں نے امید ظاہر کی ہے کہ ان اقدامات سے عوامی مسائل کے حل میں مدد ملے گی اور انتظامیہ اپنی ذمہ داریاں بہتر انداز میں پوری کرے گی۔
